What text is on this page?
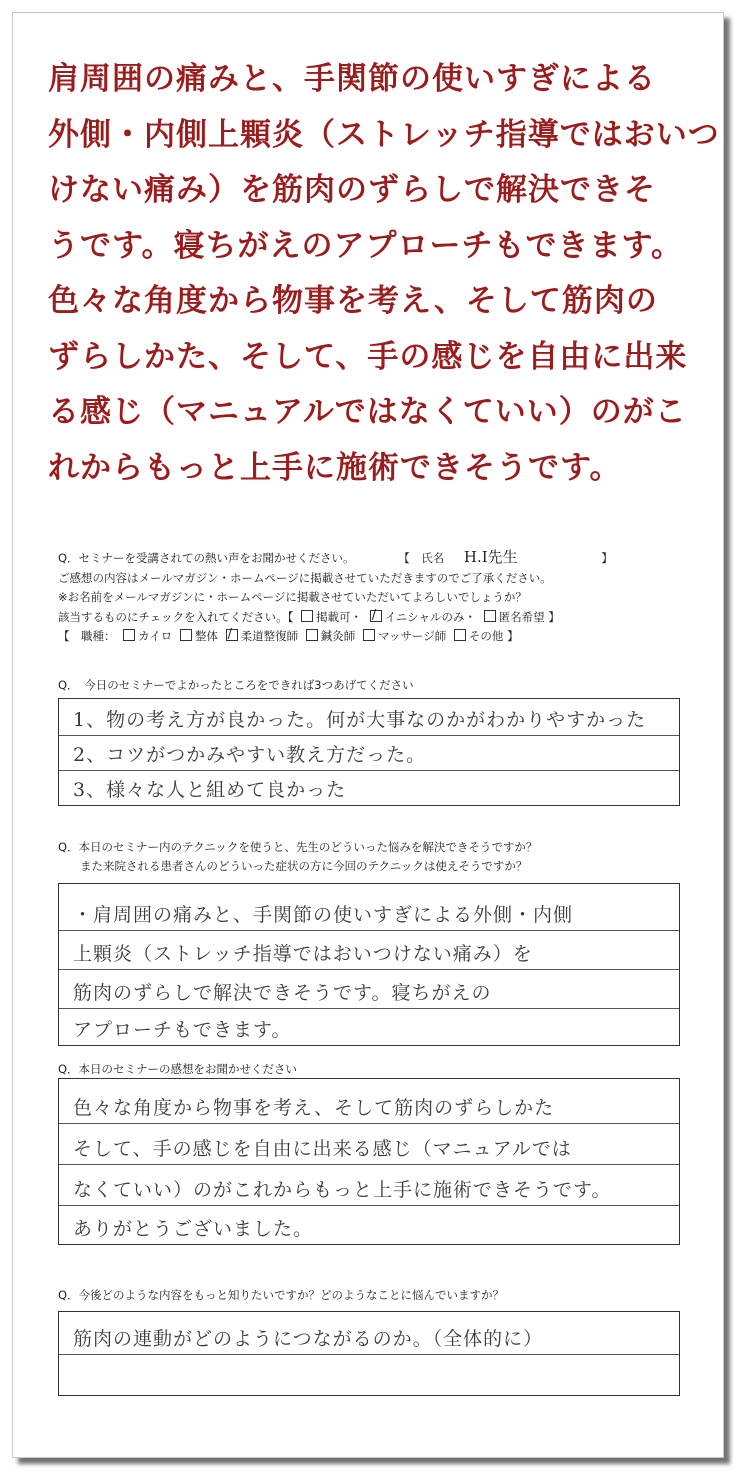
肩周囲の痛みと、手関節の使いすぎによる
外側・内側上顆炎（ストレッチ指導ではおいつ
けない痛み）を筋肉のずらしで解決できそ
うです。寝ちがえのアプローチもできます。
色々な角度から物事を考え、そして筋肉の
ずらしかた、そして、手の感じを自由に出来
る感じ（マニュアルではなくていい）のがこ
れからもっと上手に施術できそうです。
Q．セミナーを受講されての熱い声をお聞かせください。	【　氏名 H.I先生	】
ご感想の内容はメールマガジン・ホームページに掲載させていただきますのでご了承ください。
※お名前をメールマガジンに・ホームページに掲載させていただいてよろしいでしょうか？
該当するものにチェックを入れてください。【 掲載可・ / イニシャルのみ・ 匿名希望 】
【　職種： カイロ 整体 / 柔道整復師 鍼灸師 マッサージ師 その他 】
Q．　今日のセミナーでよかったところをできれば3つあげてください
1、物の考え方が良かった。何が大事なのかがわかりやすかった
2、コツがつかみやすい教え方だった。
3、様々な人と組めて良かった
Q．本日のセミナー内のテクニックを使うと、先生のどういった悩みを解決できそうですか？
また来院される患者さんのどういった症状の方に今回のテクニックは使えそうですか？
・肩周囲の痛みと、手関節の使いすぎによる外側・内側
上顆炎（ストレッチ指導ではおいつけない痛み）を
筋肉のずらしで解決できそうです。寝ちがえの
アプローチもできます。
Q．本日のセミナーの感想をお聞かせください
色々な角度から物事を考え、そして筋肉のずらしかた
そして、手の感じを自由に出来る感じ（マニュアルでは
なくていい）のがこれからもっと上手に施術できそうです。
ありがとうございました。
Q．今後どのような内容をもっと知りたいですか？どのようなことに悩んでいますか？
筋肉の連動がどのようにつながるのか。（全体的に）
